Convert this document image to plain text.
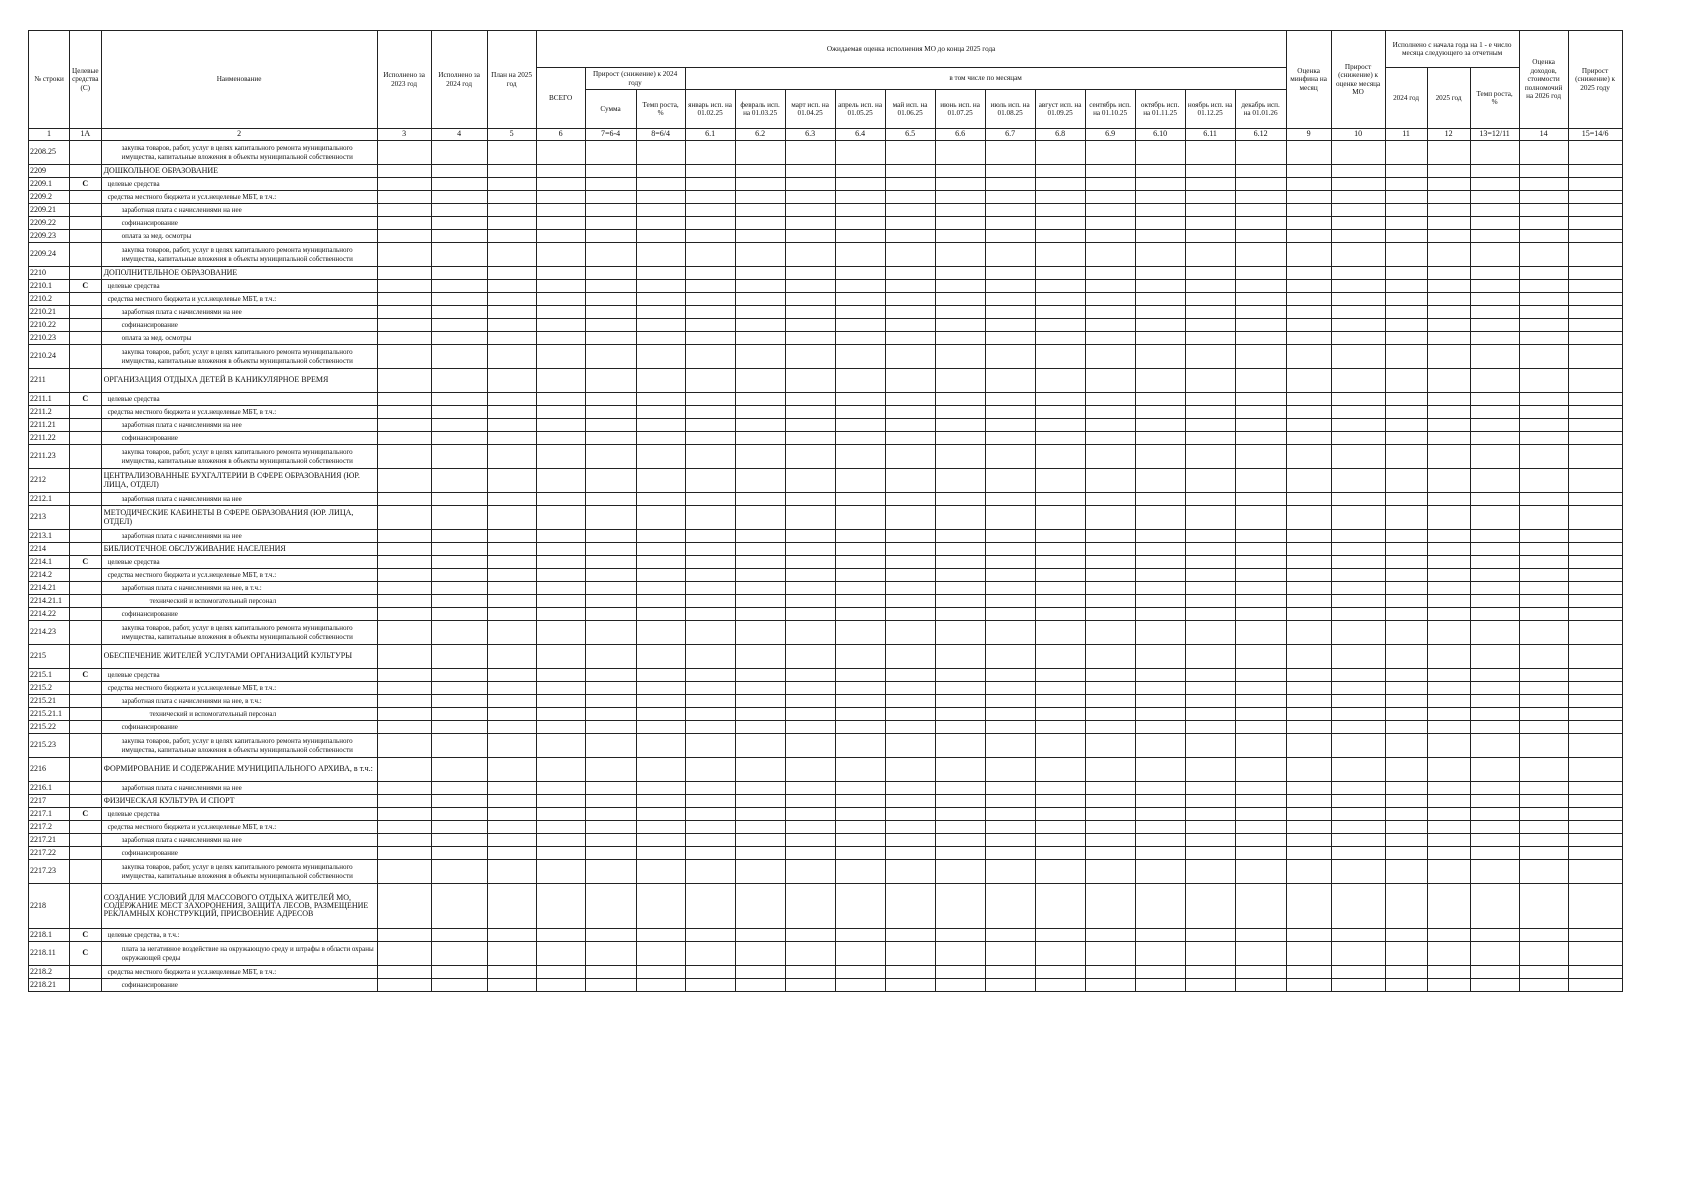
№ строки	Целевые средства (С)	Наименование	Исполнено за 2023 год	Исполнено за 2024 год	План на 2025 год	Ожидаемая оценка исполнения МО до конца 2025 года															Оценка минфина на месяц	Прирост (снижение) к оценке месяца МО	Исполнено с начала года на 1 - е число месяца следующего за отчетным			Оценка доходов, стоимости полномочий на 2026 год	Прирост (снижение) к 2025 году
						ВСЕГО	Прирост (снижение) к 2024 году		в том числе по месяцам														2024 год	2025 год	Темп роста, %		
							Сумма	Темп роста, %	январь исп. на 01.02.25	февраль исп. на 01.03.25	март исп. на 01.04.25	апрель исп. на 01.05.25	май исп. на 01.06.25	июнь исп. на 01.07.25	июль исп. на 01.08.25	август исп. на 01.09.25	сентябрь исп. на 01.10.25	октябрь исп. на 01.11.25	ноябрь исп. на 01.12.25	декабрь исп. на 01.01.26							
1	1А	2	3	4	5	6	7=6-4	8=6/4	6.1	6.2	6.3	6.4	6.5	6.6	6.7	6.8	6.9	6.10	6.11	6.12	9	10	11	12	13=12/11	14	15=14/6
2208.25		закупка товаров, работ, услуг в целях капитального ремонта муниципального имущества, капитальные вложения в объекты муниципальной собственности																									
2209		ДОШКОЛЬНОЕ ОБРАЗОВАНИЕ																									
2209.1	С	целевые средства																									
2209.2		средства местного бюджета и усл.нецелевые МБТ, в т.ч.:																									
2209.21		заработная плата с начислениями на нее																									
2209.22		софинансирование																									
2209.23		оплата за мед. осмотры																									
2209.24		закупка товаров, работ, услуг в целях капитального ремонта муниципального имущества, капитальные вложения в объекты муниципальной собственности																									
2210		ДОПОЛНИТЕЛЬНОЕ ОБРАЗОВАНИЕ																									
2210.1	С	целевые средства																									
2210.2		средства местного бюджета и усл.нецелевые МБТ, в т.ч.:																									
2210.21		заработная плата с начислениями на нее																									
2210.22		софинансирование																									
2210.23		оплата за мед. осмотры																									
2210.24		закупка товаров, работ, услуг в целях капитального ремонта муниципального имущества, капитальные вложения в объекты муниципальной собственности																									
2211		ОРГАНИЗАЦИЯ ОТДЫХА ДЕТЕЙ В КАНИКУЛЯРНОЕ ВРЕМЯ																									
2211.1	С	целевые средства																									
2211.2		средства местного бюджета и усл.нецелевые МБТ, в т.ч.:																									
2211.21		заработная плата с начислениями на нее																									
2211.22		софинансирование																									
2211.23		закупка товаров, работ, услуг в целях капитального ремонта муниципального имущества, капитальные вложения в объекты муниципальной собственности																									
2212		ЦЕНТРАЛИЗОВАННЫЕ БУХГАЛТЕРИИ В СФЕРЕ ОБРАЗОВАНИЯ (ЮР. ЛИЦА, ОТДЕЛ)																									
2212.1		заработная плата с начислениями на нее																									
2213		МЕТОДИЧЕСКИЕ КАБИНЕТЫ В СФЕРЕ ОБРАЗОВАНИЯ (ЮР. ЛИЦА, ОТДЕЛ)																									
2213.1		заработная плата с начислениями на нее																									
2214		БИБЛИОТЕЧНОЕ ОБСЛУЖИВАНИЕ НАСЕЛЕНИЯ																									
2214.1	С	целевые средства																									
2214.2		средства местного бюджета и усл.нецелевые МБТ, в т.ч.:																									
2214.21		заработная плата с начислениями на нее, в т.ч.:																									
2214.21.1		технический и вспомогательный персонал																									
2214.22		софинансирование																									
2214.23		закупка товаров, работ, услуг в целях капитального ремонта муниципального имущества, капитальные вложения в объекты муниципальной собственности																									
2215		ОБЕСПЕЧЕНИЕ ЖИТЕЛЕЙ УСЛУГАМИ ОРГАНИЗАЦИЙ КУЛЬТУРЫ																									
2215.1	С	целевые средства																									
2215.2		средства местного бюджета и усл.нецелевые МБТ, в т.ч.:																									
2215.21		заработная плата с начислениями на нее, в т.ч.:																									
2215.21.1		технический и вспомогательный персонал																									
2215.22		софинансирование																									
2215.23		закупка товаров, работ, услуг в целях капитального ремонта муниципального имущества, капитальные вложения в объекты муниципальной собственности																									
2216		ФОРМИРОВАНИЕ И СОДЕРЖАНИЕ МУНИЦИПАЛЬНОГО АРХИВА, в т.ч.:																									
2216.1		заработная плата с начислениями на нее																									
2217		ФИЗИЧЕСКАЯ КУЛЬТУРА И СПОРТ																									
2217.1	С	целевые средства																									
2217.2		средства местного бюджета и усл.нецелевые МБТ, в т.ч.:																									
2217.21		заработная плата с начислениями на нее																									
2217.22		софинансирование																									
2217.23		закупка товаров, работ, услуг в целях капитального ремонта муниципального имущества, капитальные вложения в объекты муниципальной собственности																									
2218		СОЗДАНИЕ УСЛОВИЙ ДЛЯ МАССОВОГО ОТДЫХА ЖИТЕЛЕЙ МО, СОДЕРЖАНИЕ МЕСТ ЗАХОРОНЕНИЯ, ЗАЩИТА ЛЕСОВ, РАЗМЕЩЕНИЕ РЕКЛАМНЫХ КОНСТРУКЦИЙ, ПРИСВОЕНИЕ АДРЕСОВ																									
2218.1	С	целевые средства, в т.ч.:																									
2218.11	С	плата за негативное воздействие на окружающую среду и штрафы в области охраны окружающей среды																									
2218.2		средства местного бюджета и усл.нецелевые МБТ, в т.ч.:																									
2218.21		софинансирование																									
